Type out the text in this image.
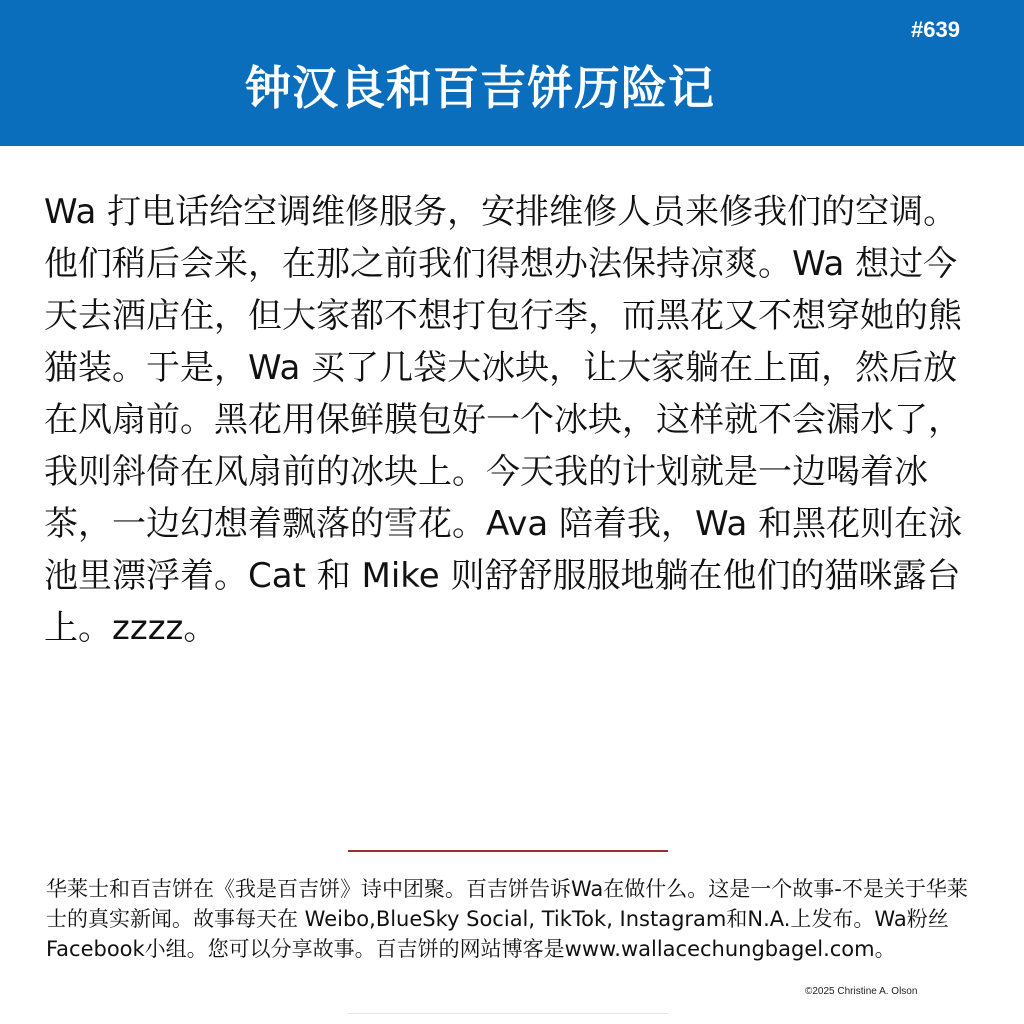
#639
钟汉良和百吉饼历险记

Wa 打电话给空调维修服务，安排维修人员来修我们的空调。他们稍后会来，在那之前我们得想办法保持凉爽。Wa 想过今天去酒店住，但大家都不想打包行李，而黑花又不想穿她的熊猫装。于是，Wa 买了几袋大冰块，让大家躺在上面，然后放在风扇前。黑花用保鲜膜包好一个冰块，这样就不会漏水了，我则斜倚在风扇前的冰块上。今天我的计划就是一边喝着冰茶，一边幻想着飘落的雪花。Ava 陪着我，Wa 和黑花则在泳池里漂浮着。Cat 和 Mike 则舒舒服服地躺在他们的猫咪露台上。zzzz。

华莱士和百吉饼在《我是百吉饼》诗中团聚。百吉饼告诉Wa在做什么。这是一个故事-不是关于华莱士的真实新闻。故事每天在 Weibo,BlueSky Social, TikTok, Instagram和N.A.上发布。Wa粉丝Facebook小组。您可以分享故事。百吉饼的网站博客是www.wallacechungbagel.com。

©2025 Christine A. Olson
